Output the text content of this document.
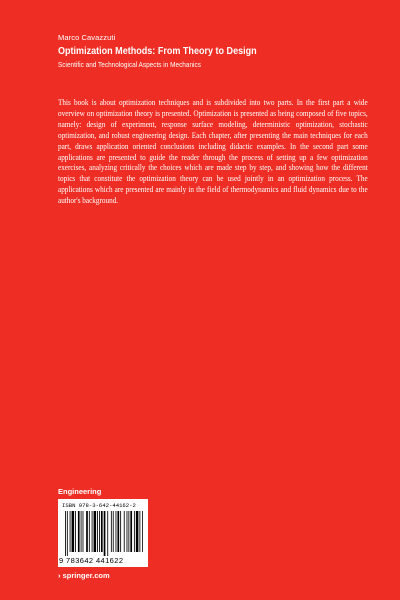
Marco Cavazzuti
Optimization Methods: From Theory to Design
Scientific and Technological Aspects in Mechanics
This book is about optimization techniques and is subdivided into two parts. In the first part a wide overview on optimization theory is presented. Optimization is presented as being composed of five topics, namely: design of experiment, response surface modeling, deterministic optimization, stochastic optimization, and robust engineering design. Each chapter, after presenting the main techniques for each part, draws application oriented conclusions including didactic examples. In the second part some applications are presented to guide the reader through the process of setting up a few optimization exercises, analyzing critically the choices which are made step by step, and showing how the different topics that constitute the optimization theory can be used jointly in an optimization process. The applications which are presented are mainly in the field of thermodynamics and fluid dynamics due to the author's background.
Engineering
ISBN 978-3-642-44162-2
9 783642 441622
› springer.com
